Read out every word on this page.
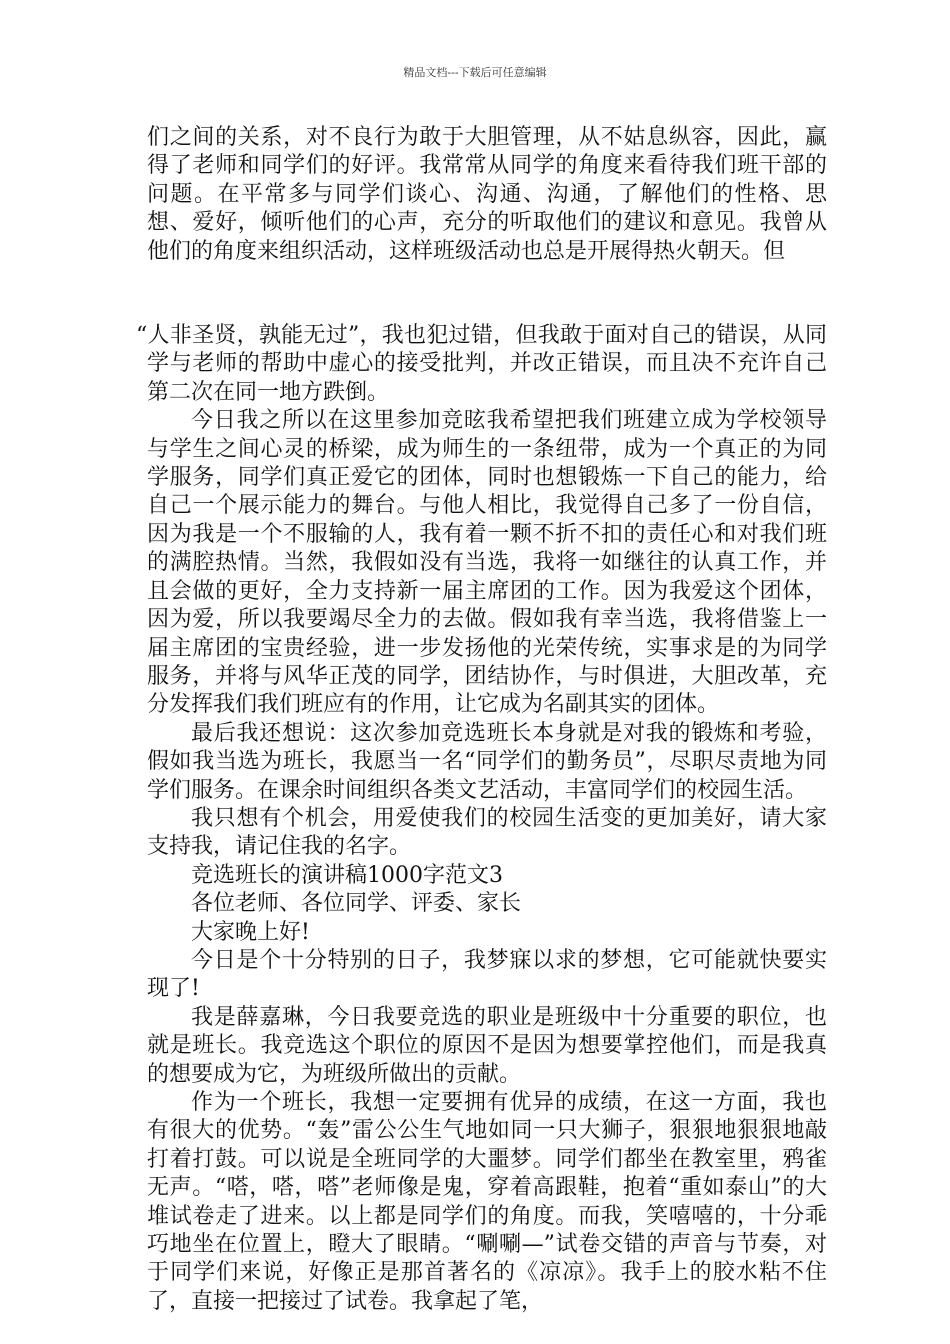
精品文档---下载后可任意编辑

们之间的关系，对不良行为敢于大胆管理，从不姑息纵容，因此，赢得了老师和同学们的好评。我常常从同学的角度来看待我们班干部的问题。在平常多与同学们谈心、沟通、沟通，了解他们的性格、思想、爱好，倾听他们的心声，充分的听取他们的建议和意见。我曾从他们的角度来组织活动，这样班级活动也总是开展得热火朝天。但

“人非圣贤，孰能无过”，我也犯过错，但我敢于面对自己的错误，从同学与老师的帮助中虚心的接受批判，并改正错误，而且决不充许自己第二次在同一地方跌倒。

今日我之所以在这里参加竞昡我希望把我们班建立成为学校领导与学生之间心灵的桥梁，成为师生的一条纽带，成为一个真正的为同学服务，同学们真正爱它的团体，同时也想锻炼一下自己的能力，给自己一个展示能力的舞台。与他人相比，我觉得自己多了一份自信，因为我是一个不服输的人，我有着一颗不折不扣的责任心和对我们班的满腔热情。当然，我假如没有当选，我将一如继往的认真工作，并且会做的更好，全力支持新一届主席团的工作。因为我爱这个团体，因为爱，所以我要竭尽全力的去做。假如我有幸当选，我将借鉴上一届主席团的宝贵经验，进一步发扬他的光荣传统，实事求是的为同学服务，并将与风华正茂的同学，团结协作，与时俱进，大胆改革，充分发挥我们我们班应有的作用，让它成为名副其实的团体。

最后我还想说：这次参加竞选班长本身就是对我的锻炼和考验，假如我当选为班长，我愿当一名“同学们的勤务员”，尽职尽责地为同学们服务。在课余时间组织各类文艺活动，丰富同学们的校园生活。

我只想有个机会，用爱使我们的校园生活变的更加美好，请大家支持我，请记住我的名字。

竞选班长的演讲稿1000字范文3

各位老师、各位同学、评委、家长

大家晚上好!

今日是个十分特别的日子，我梦寐以求的梦想，它可能就快要实现了!

我是薛嘉琳，今日我要竞选的职业是班级中十分重要的职位，也就是班长。我竞选这个职位的原因不是因为想要掌控他们，而是我真的想要成为它，为班级所做出的贡献。

作为一个班长，我想一定要拥有优异的成绩，在这一方面，我也有很大的优势。“轰”雷公公生气地如同一只大狮子，狠狠地狠狠地敲打着打鼓。可以说是全班同学的大噩梦。同学们都坐在教室里，鸦雀无声。“嗒，嗒，嗒”老师像是鬼，穿着高跟鞋，抱着“重如泰山”的大堆试卷走了进来。以上都是同学们的角度。而我，笑嘻嘻的，十分乖巧地坐在位置上，瞪大了眼睛。“唰唰—”试卷交错的声音与节奏，对于同学们来说，好像正是那首著名的《凉凉》。我手上的胶水粘不住了，直接一把接过了试卷。我拿起了笔，
